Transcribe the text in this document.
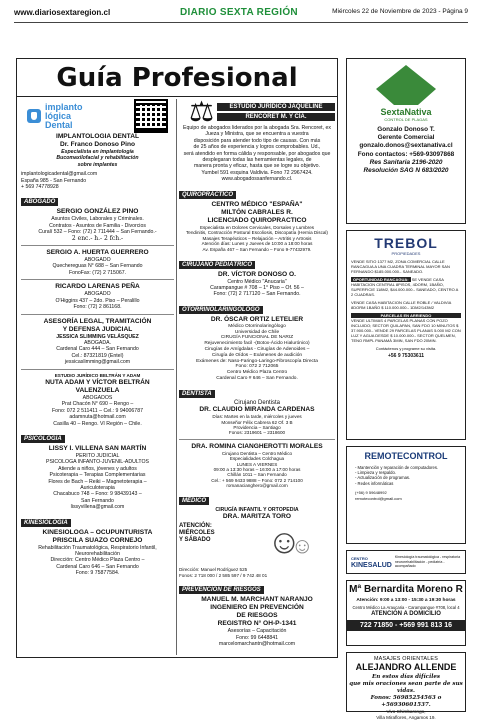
www.diariosextaregion.cl	DIARIO SEXTA REGIÓN	Miércoles 22 de Noviembre de 2023 - Página 9
Guía Profesional
implanto
lógica
Dental
IMPLANTOLOGIA DENTAL
Dr. Franco Donoso Pino
Especialista en implantología
Bucomaxilofacial y rehabilitación
sobre implantes
implantologicadental@gmail.com
España 985 - San Fernando
+ 569 74778928
ABOGADO
SERGIO GONZÁLEZ PINO
Asuntos Civiles, Laborales y Criminales.
Contratos - Asuntos de Familia - Divorcios
Curalí 532 – Fono: (72) 2 711444 – San Fernando.-
2 enc.- h.- 2 fch.-
SERGIO A. HUERTA GUERRERO
ABOGADO
Quechereguas N° 688 – San Fernando
FonoFax: (72) 2 715067.
RICARDO LARENAS PEÑA
ABOGADO
O'Higgins 437 – 2do. Piso – Peralillo
Fono: (72) 2 861168.
ASESORÍA LEGAL, TRAMITACIÓN
Y DEFENSA JUDICIAL
JESSICA SLIMMING VELÁSQUEZ
ABOGADA.
Cardenal Caro 444 – San Fernando
Cel.: 87321819 (Entel)
jessicaslimming@gmail.com
ESTUDIO JURÍDICO BELTRÁN Y ADAM
NUTA ADAM Y VÍCTOR BELTRÁN
VALENZUELA
ABOGADOS
Prat Chacón N° 690 – Rengo –
Fono: 072 2 511411 – Cel.: 9 94006787
adamnuta@hotmail.com
Casilla 40 – Rengo. VI Región – Chile.
PSICOLOGÍA
LISSY I. VILLENA SAN MARTÍN
PERITO JUDICIAL
PSICOLOGA INFANTO-JUVENIL-ADULTOS
Atiende a niños, jóvenes y adultos
Psicoterapia – Terapias Complementarias
Flores de Bach – Reiki – Magnetoterapia –
Auriculoterapia
Chacabuco 748 – Fono: 9 98439143 –
San Fernando
lissyvillena@gmail.com
KINESIOLOGÍA
KINESIOLOGA – OCUPUNTURISTA
PRISCILA SUAZO CORNEJO
Rehabilitación Traumatológica, Respiratorio Infantil,
Neurorehabilitación
Dirección: Centro Médico Plaza Centro –
Cardenal Caro 646 – San Fernando
Fono: 9 75877584.
⚖
ESTUDIO JURÍDICO JAQUELINE
RENCORET M. Y CÍA.
Equipo de abogados liderados por la abogada Sra. Rencoret, ex Jueza y Ministra, que se encuentra a vuestra
disposición para atender todo tipo de causas. Con más
de 25 años de experiencia y logros comprobables. Ud.,
será atendido en forma cálida y responsable, por abogados que desplegaran todas las herramientas legales, de
manera pronta y eficaz, hasta que se logre su objetivo.
Yumbel 591 esquina Valdivia. Fono 72 2967424.
www.abogadossanfernando.cl.
QUIROPRÁCTICO
CENTRO MÉDICO "ESPAÑA"
MILTÓN CABRALES R.
LICENCIADO QUIROPRACTICO
Especialista en Dolores Cervicales, Dorsales y Lumbres
Tendinitis, Contracción Postural Escoliosis, Discopatía (Hernia Discal)
Masajes Terapéuticos – Relajación – Artritis y Artrosis
Atención días: Lunes y Jueves de 10:00 a 18:00 horas
Av. España 467 – San Fernando – Fono 9-77432979.
CIRUJANO PEDIÁTRICO
DR. VÍCTOR DONOSO O.
Centro Médico "Anucaria"
Carampangue # 708 – 1° Piso – Of. 56 –
Fono: (72) 2 717120 – San Fernando.
OTORRINOLARINGÓLOGO
DR. ÓSCAR ORTIZ LETELIER
Médico Otorrinolaringólogo
Universidad de Chile
CIRUGÍA FUNCIONAL DE NARIZ
Rejuvenecimiento facil -(Botox-Ácido Hialurónico)
Cirugías de Amígdalas - Cirugías de Adenoides –
Cirugía de Oídos – Exámenes de audición
Exámenes de: Naso-Faringo-Laringo-Fibroscopía Directa
Fono: 072 2 712065
Centro Médico Plaza Centro
Cardenal Caro # 646 – San Fernando.
DENTISTA
Cirujano Dentista
DR. CLAUDIO MIRANDA CARDENAS
Días: Martes en la tarde, miércoles y jueves
Monseñor Félix Cabrera 62 Of. 3 B
Providencia – Santiago
Fonos: 2319601 – 2318600
DRA. ROMINA CIANGHEROTTI MORALES
Cirujano Dentista – Centro Médico
Especialidades Colchagua
LUNES A VIERNES
09:00 a 13:30 horas – 16:00 a 17:00 horas
Chillán 1011 – San Fernando
Cel.: + 569 9433 9888 – Fono: 072 2 714100
romanacianghero@gmail.com
MÉDICO
CIRUGÍA INFANTIL Y ORTOPEDIA
DRA. MARITZA TORO
ATENCIÓN:
MIÉRCOLES
Y SÁBADO
☺ ☺
Dirección: Manuel Rodríguez 525
Fonos: 2 718 000 / 2 585 597 / 9 742 48 01
PREVENCIÓN DE RIESGOS
MANUEL M. MARCHANT NARANJO
INGENIERO EN PREVENCIÓN
DE RIESGOS
REGISTRO N° OH-P-1341
Asesorías – Capacitación
Fono: 99 6448841
marcelomarchantn@hotmail.com
SextaNativa
CONTROL DE PLAGAS
Gonzalo Donoso T.
Gerente Comercial
gonzalo.donos@sextanativa.cl
Fono contactos: +569-93097868
Res Sanitaria 2196-2020
Resolución SAG N 683/2020
TREBOL
PROPIEDADES

VENDE SITIO 1377 M2, ZONA COMERCIAL CALLE RANCAGUA A UNA CUADRA TERMINAL MAYOR SAN FERNANDO $185.000.000.- SANEADO.

OPORTUNIDAD RANCAGUA: SE VENDE CASA HABITACION CENTRAL 8PISOS, 4DORM, 1BAÑO, SUPERFICIE 118M2, $44.000.000.- SANEADO, CENTRO A 2 CUADRAS.

VENDE CASA HABITACION CALLE ROBLE / VALDIVIA 8DORM 1BAÑO $ 110.000.000.- 1DM2/143M2

PARCELAS EN ARRIENDO
VENDE ULTIMAS 4 PARCELAS PLANAS CON POZO INCLUIDO; SECTOR QUILAPAN, SAN FDO 10 MINUTOS $ 37.900.000.- VENDE 29 PARCELAS PLANAS 5.000 M2 CON LUZ Y AGUA DESDE $ 10.000.000.- SECTOR QUELMEN, TENO RMPL PANAMÁ 3MIN, SAN FDO 20MIN.

Contáctenos y programe su visita.

+56 9 75303611

REMOTECONTROL
- Mantención y reparación de computadores.
- Limpieza y respaldo.
- Actualización de programas.
- Redes informáticas
(+56) 9 59648992
remotecontrol@gmail.com
CENTRO
KINESALUD
Kinesiología traumatológica - respiratoria
neurorehabilitación - pediatría - acompañado
Mª Bernardita Moreno R
Atención: 9:00 a 13:00 - 15:30 a 19:30 horas
Centro Médico La Araucaria - Carampangue #708, local 4
ATENCIÓN A DOMICILIO
722 71850 - +569 991 813 16
MASAJES ORIENTALES
ALEJANDRO ALLENDE
En estos días difíciles
que mis oraciones sean parte de sus vidas.
Fonos: 56985254563 o +56930601537.
Vivo Chimbarongo,
Villa Miraflores, Angamos 19.
